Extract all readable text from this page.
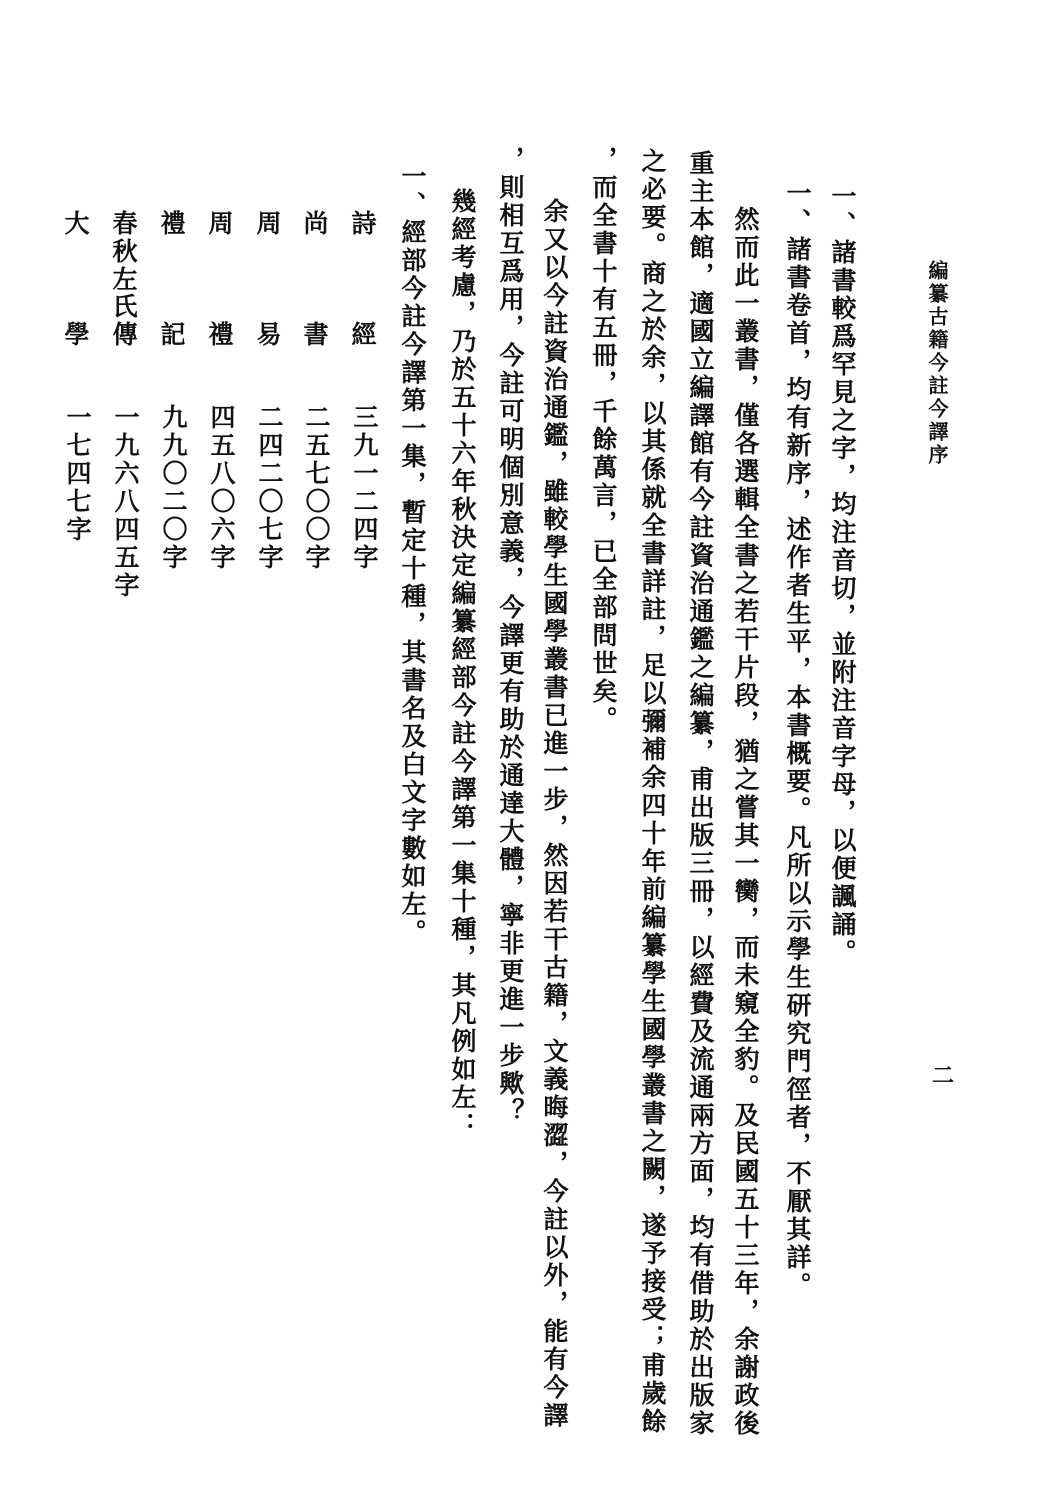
編纂古籍今註今譯序
二
一、諸書較爲罕見之字，均注音切，並附注音字母，以便諷誦。
一、諸書卷首，均有新序，述作者生平，本書概要。凡所以示學生研究門徑者，不厭其詳。
然而此一叢書，僅各選輯全書之若干片段，猶之嘗其一臠，而未窺全豹。及民國五十三年，余謝政後
重主本館，適國立編譯館有今註資治通鑑之編纂，甫出版三冊，以經費及流通兩方面，均有借助於出版家
之必要。商之於余，以其係就全書詳註，足以彌補余四十年前編纂學生國學叢書之闕，遂予接受；甫歲餘
，而全書十有五冊，千餘萬言，已全部問世矣。
余又以今註資治通鑑，雖較學生國學叢書已進一步，然因若干古籍，文義晦澀，今註以外，能有今譯
，則相互爲用，今註可明個別意義，今譯更有助於通達大體，寧非更進一步歟？
幾經考慮，乃於五十六年秋決定編纂經部今註今譯第一集十種，其凡例如左：
一、經部今註今譯第一集，暫定十種，其書名及白文字數如左。
詩
經
三九一二四字
尚
書
二五七〇〇字
周
易
二四二〇七字
周
禮
四五八〇六字
禮
記
九九〇二〇字
春
秋
左
氏
傳
一九六八四五字
大
學
一七四七字
